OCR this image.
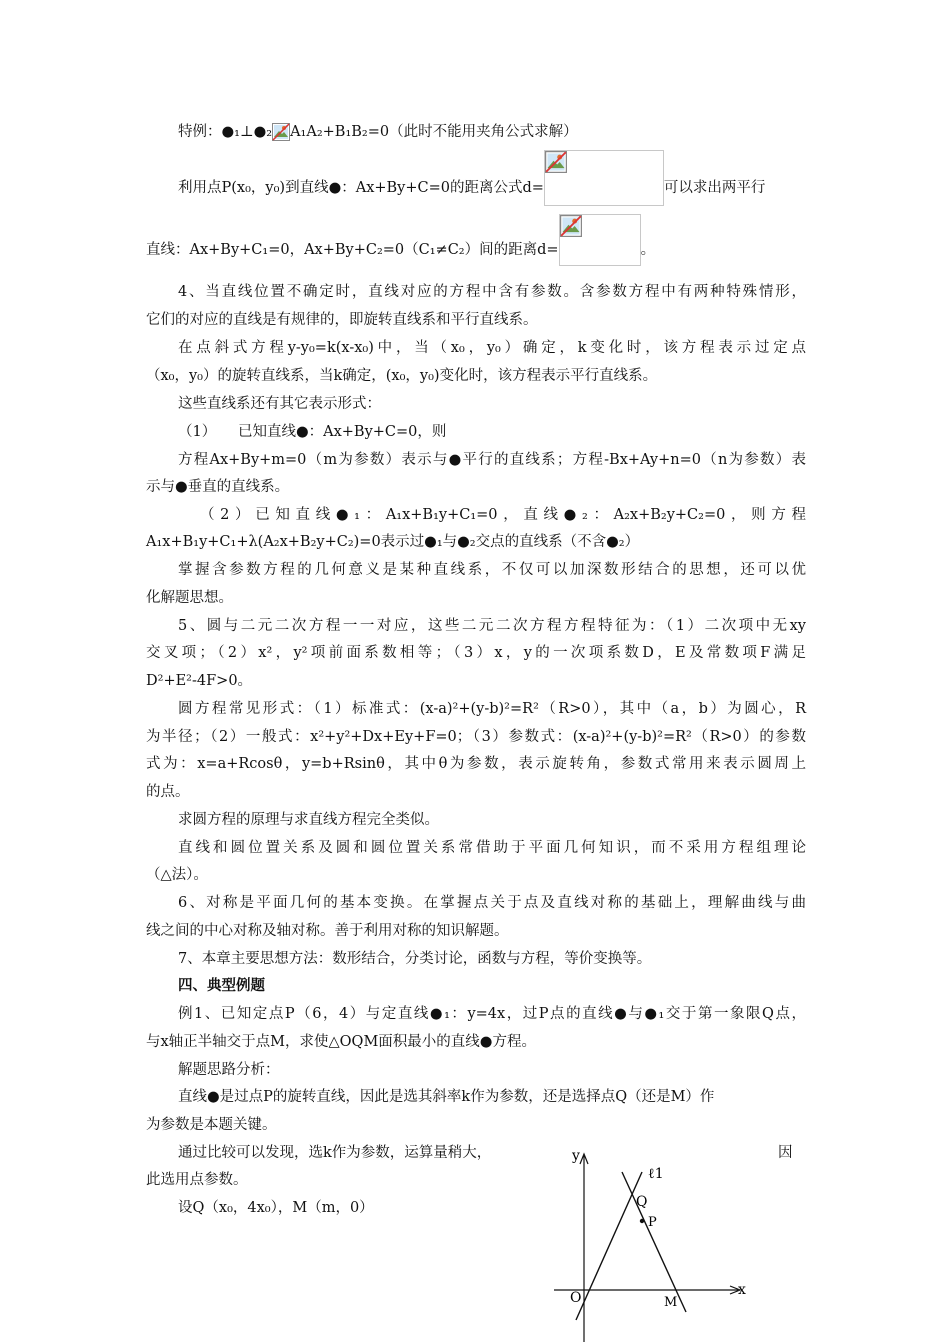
特例：●₁⊥●₂ A₁A₂+B₁B₂=0（此时不能用夹角公式求解）
利用点P(x₀，y₀)到直线●：Ax+By+C=0的距离公式d=	可以求出两平行
直线：Ax+By+C₁=0，Ax+By+C₂=0（C₁≠C₂）间的距离d=	。
4、当直线位置不确定时，直线对应的方程中含有参数。含参数方程中有两种特殊情形，
它们的对应的直线是有规律的，即旋转直线系和平行直线系。
在点斜式方程y-y₀=k(x-x₀)中，当（x₀，y₀）确定，k变化时，该方程表示过定点
（x₀，y₀）的旋转直线系，当k确定，(x₀，y₀)变化时，该方程表示平行直线系。
这些直线系还有其它表示形式：
（1）　　已知直线●：Ax+By+C=0，则
方程Ax+By+m=0（m为参数）表示与●平行的直线系；方程-Bx+Ay+n=0（n为参数）表
示与●垂直的直线系。
（2）已知直线●₁：A₁x+B₁y+C₁=0，直线●₂：A₂x+B₂y+C₂=0，则方程
A₁x+B₁y+C₁+λ(A₂x+B₂y+C₂)=0表示过●₁与●₂交点的直线系（不含●₂）
掌握含参数方程的几何意义是某种直线系，不仅可以加深数形结合的思想，还可以优
化解题思想。
5、圆与二元二次方程一一对应，这些二元二次方程方程特征为：（1）二次项中无xy
交叉项；（2）x²，y²项前面系数相等；（3）x，y的一次项系数D，E及常数项F满足
D²+E²-4F>0。
圆方程常见形式：（1）标准式：(x-a)²+(y-b)²=R²（R>0），其中（a，b）为圆心，R
为半径；（2）一般式：x²+y²+Dx+Ey+F=0；（3）参数式：(x-a)²+(y-b)²=R²（R>0）的参数
式为：x=a+Rcosθ，y=b+Rsinθ，其中θ为参数，表示旋转角，参数式常用来表示圆周上
的点。
求圆方程的原理与求直线方程完全类似。
直线和圆位置关系及圆和圆位置关系常借助于平面几何知识，而不采用方程组理论
（△法）。
6、对称是平面几何的基本变换。在掌握点关于点及直线对称的基础上，理解曲线与曲
线之间的中心对称及轴对称。善于利用对称的知识解题。
7、本章主要思想方法：数形结合，分类讨论，函数与方程，等价变换等。
四、典型例题
例1、已知定点P（6，4）与定直线●₁：y=4x，过P点的直线●与●₁交于第一象限Q点，
与x轴正半轴交于点M，求使△OQM面积最小的直线●方程。
解题思路分析：
直线●是过点P的旋转直线，因此是选其斜率k作为参数，还是选择点Q（还是M）作
为参数是本题关键。
通过比较可以发现，选k作为参数，运算量稍大，	因
此选用点参数。
设Q（x₀，4x₀），M（m，0）
y
x
ℓ1
Q
P
O	M
